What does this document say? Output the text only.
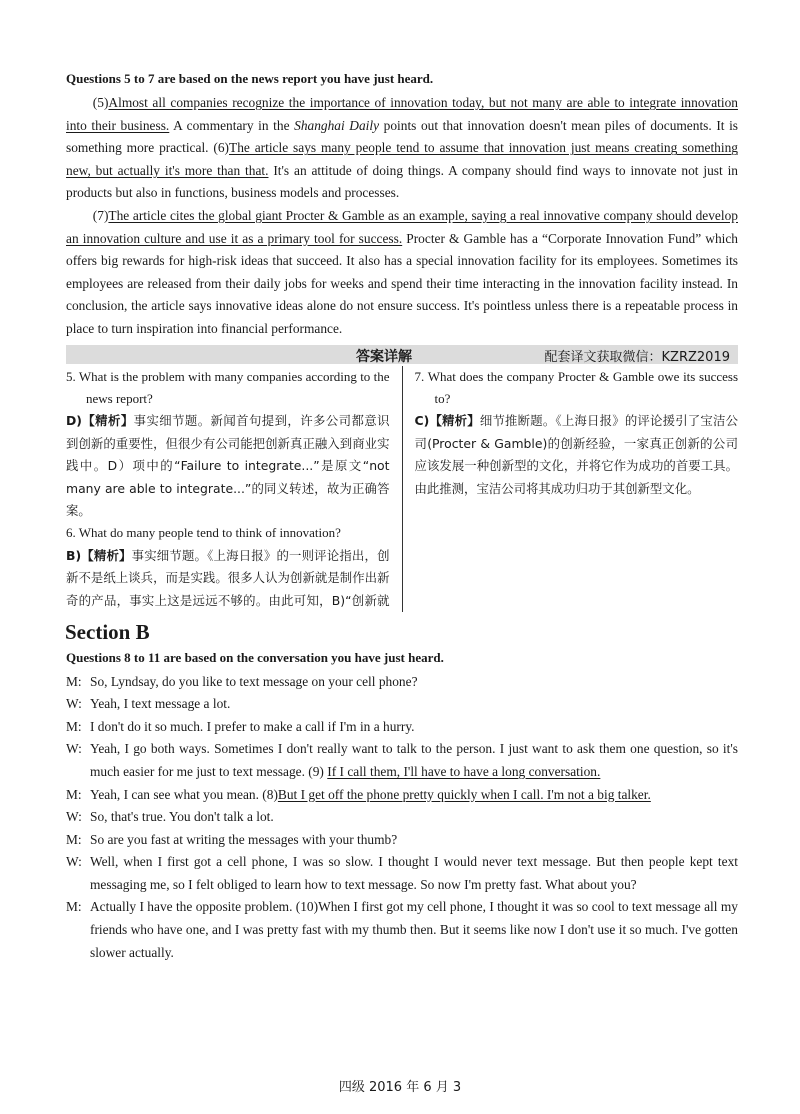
Questions 5 to 7 are based on the news report you have just heard.

(5)Almost all companies recognize the importance of innovation today, but not many are able to integrate innovation into their business. A commentary in the Shanghai Daily points out that innovation doesn't mean piles of documents. It is something more practical. (6)The article says many people tend to assume that innovation just means creating something new, but actually it's more than that. It's an attitude of doing things. A company should find ways to innovate not just in products but also in functions, business models and processes.

(7)The article cites the global giant Procter & Gamble as an example, saying a real innovative company should develop an innovation culture and use it as a primary tool for success. Procter & Gamble has a “Corporate Innovation Fund” which offers big rewards for high-risk ideas that succeed. It also has a special innovation facility for its employees. Sometimes its employees are released from their daily jobs for weeks and spend their time interacting in the innovation facility instead. In conclusion, the article says innovative ideas alone do not ensure success. It's pointless unless there is a repeatable process in place to turn inspiration into financial performance.

答案详解	配套译文获取微信：KZRZ2019
5. What is the problem with many companies according to the news report?
D)【精析】事实细节题。新闻首句提到，许多公司都意识到创新的重要性，但很少有公司能把创新真正融入到商业实践中。D）项中的“Failure to integrate...”是原文“not many are able to integrate...”的同义转述，故为正确答案。
6. What do many people tend to think of innovation?
B)【精析】事实细节题。《上海日报》的一则评论指出，创新不是纸上谈兵，而是实践。很多人认为创新就是制作出新奇的产品，事实上这是远远不够的。由此可知，B)“创新就
7. What does the company Procter & Gamble owe its success to?
C)【精析】细节推断题。《上海日报》的评论援引了宝洁公司(Procter & Gamble)的创新经验，一家真正创新的公司应该发展一种创新型的文化，并将它作为成功的首要工具。由此推测，宝洁公司将其成功归功于其创新型文化。
Section B
Questions 8 to 11 are based on the conversation you have just heard.

M: So, Lyndsay, do you like to text message on your cell phone?

W: Yeah, I text message a lot.

M: I don't do it so much. I prefer to make a call if I'm in a hurry.

W: Yeah, I go both ways. Sometimes I don't really want to talk to the person. I just want to ask them one question, so it's much easier for me just to text message. (9) If I call them, I'll have to have a long conversation.

M: Yeah, I can see what you mean. (8)But I get off the phone pretty quickly when I call. I'm not a big talker.

W: So, that's true. You don't talk a lot.

M: So are you fast at writing the messages with your thumb?

W: Well, when I first got a cell phone, I was so slow. I thought I would never text message. But then people kept text messaging me, so I felt obliged to learn how to text message. So now I'm pretty fast. What about you?

M: Actually I have the opposite problem. (10)When I first got my cell phone, I thought it was so cool to text message all my friends who have one, and I was pretty fast with my thumb then. But it seems like now I don't use it so much. I've gotten slower actually.

四级 2016 年 6 月 3
